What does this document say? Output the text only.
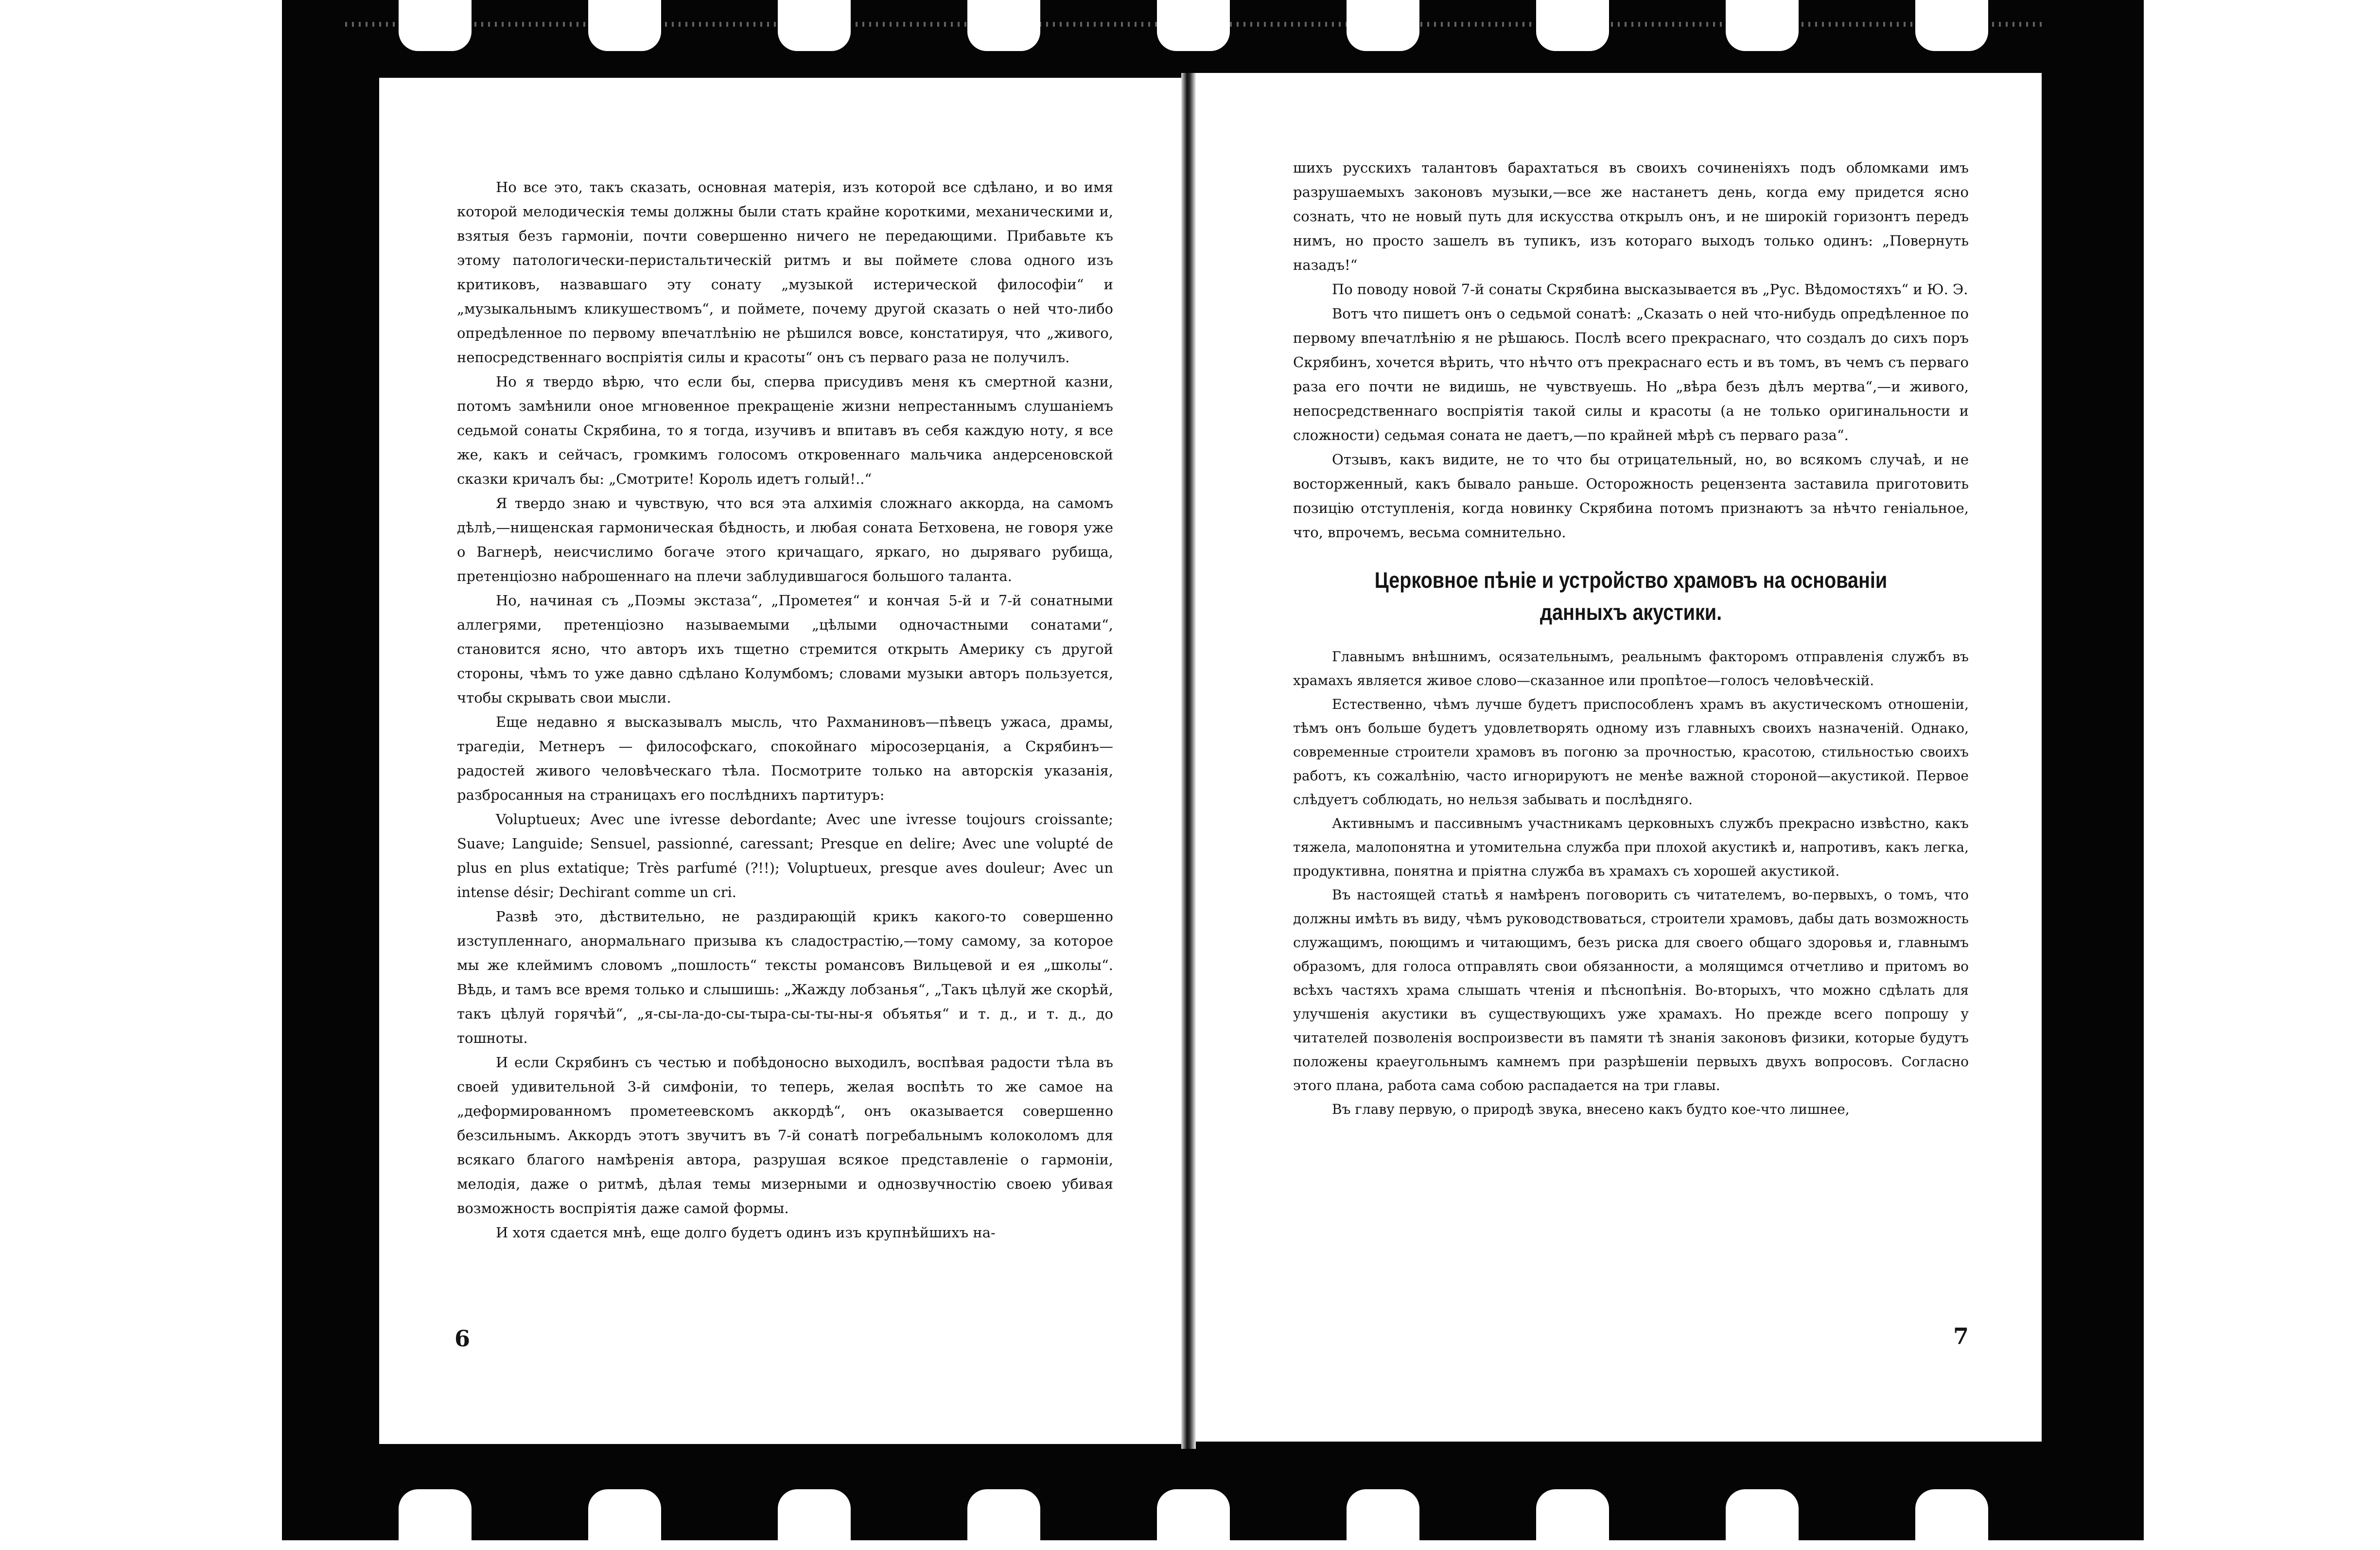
Но все это, такъ сказать, основная матерія, изъ которой все сдѣлано, и во имя которой мелодическія темы должны были стать крайне короткими, механическими и, взятыя безъ гармоніи, почти совершенно ничего не передающими. Прибавьте къ этому патологически-перистальтическій ритмъ и вы поймете слова одного изъ критиковъ, назвавшаго эту сонату „музыкой истерической философіи“ и „музыкальнымъ кликушествомъ“, и поймете, почему другой сказать о ней что-либо опредѣленное по первому впечатлѣнію не рѣшился вовсе, констатируя, что „живого, непосредственнаго воспріятія силы и красоты“ онъ съ перваго раза не получилъ.

Но я твердо вѣрю, что если бы, сперва присудивъ меня къ смертной казни, потомъ замѣнили оное мгновенное прекращеніе жизни непрестаннымъ слушаніемъ седьмой сонаты Скрябина, то я тогда, изучивъ и впитавъ въ себя каждую ноту, я все же, какъ и сейчасъ, громкимъ голосомъ откровеннаго мальчика андерсеновской сказки кричалъ бы: „Смотрите! Король идетъ голый!..“

Я твердо знаю и чувствую, что вся эта алхимія сложнаго аккорда, на самомъ дѣлѣ,—нищенская гармоническая бѣдность, и любая соната Бетховена, не говоря уже о Вагнерѣ, неисчислимо богаче этого кричащаго, яркаго, но дыряваго рубища, претенціозно наброшеннаго на плечи заблудившагося большого таланта.

Но, начиная съ „Поэмы экстаза“, „Прометея“ и кончая 5-й и 7-й сонатными аллегрями, претенціозно называемыми „цѣлыми одночастными сонатами“, становится ясно, что авторъ ихъ тщетно стремится открыть Америку съ другой стороны, чѣмъ то уже давно сдѣлано Колумбомъ; словами музыки авторъ пользуется, чтобы скрывать свои мысли.

Еще недавно я высказывалъ мысль, что Рахманиновъ—пѣвецъ ужаса, драмы, трагедіи, Метнеръ — философскаго, спокойнаго міросозерцанія, а Скрябинъ—радостей живого человѣческаго тѣла. Посмотрите только на авторскія указанія, разбросанныя на страницахъ его послѣднихъ партитуръ:

Voluptueux; Avec une ivresse debordante; Avec une ivresse toujours croissante; Suave; Languide; Sensuel, passionné, caressant; Presque en delire; Avec une volupté de plus en plus extatique; Très parfumé (?!!); Voluptueux, presque aves douleur; Avec un intense désir; Dechirant comme un cri.

Развѣ это, дѣствительно, не раздирающій крикъ какого-то совершенно изступленнаго, анормальнаго призыва къ сладострастію,—тому самому, за которое мы же клеймимъ словомъ „пошлость“ тексты романсовъ Вильцевой и ея „школы“. Вѣдь, и тамъ все время только и слышишь: „Жажду лобзанья“, „Такъ цѣлуй же скорѣй, такъ цѣлуй горячѣй“, „я-сы-ла-до-сы-тыра-сы-ты-ны-я объятья“ и т. д., и т. д., до тошноты.

И если Скрябинъ съ честью и побѣдоносно выходилъ, воспѣвая радости тѣла въ своей удивительной 3-й симфоніи, то теперь, желая воспѣть то же самое на „деформированномъ прометеевскомъ аккордѣ“, онъ оказывается совершенно безсильнымъ. Аккордъ этотъ звучитъ въ 7-й сонатѣ погребальнымъ колоколомъ для всякаго благого намѣренія автора, разрушая всякое представленіе о гармоніи, мелодія, даже о ритмѣ, дѣлая темы мизерными и однозвучностію своею убивая возможность воспріятія даже самой формы.

И хотя сдается мнѣ, еще долго будетъ одинъ изъ крупнѣйшихъ на-

6

шихъ русскихъ талантовъ барахтаться въ своихъ сочиненіяхъ подъ обломками имъ разрушаемыхъ законовъ музыки,—все же настанетъ день, когда ему придется ясно сознать, что не новый путь для искусства открылъ онъ, и не широкій горизонтъ передъ нимъ, но просто зашелъ въ тупикъ, изъ котораго выходъ только одинъ: „Повернуть назадъ!“

По поводу новой 7-й сонаты Скрябина высказывается въ „Рус. Вѣдомостяхъ“ и Ю. Э.

Вотъ что пишетъ онъ о седьмой сонатѣ: „Сказать о ней что-нибудь опредѣленное по первому впечатлѣнію я не рѣшаюсь. Послѣ всего прекраснаго, что создалъ до сихъ поръ Скрябинъ, хочется вѣрить, что нѣчто отъ прекраснаго есть и въ томъ, въ чемъ съ перваго раза его почти не видишь, не чувствуешь. Но „вѣра безъ дѣлъ мертва“,—и живого, непосредственнаго воспріятія такой силы и красоты (а не только оригинальности и сложности) седьмая соната не даетъ,—по крайней мѣрѣ съ перваго раза“.

Отзывъ, какъ видите, не то что бы отрицательный, но, во всякомъ случаѣ, и не восторженный, какъ бывало раньше. Осторожность рецензента заставила приготовить позицію отступленія, когда новинку Скрябина потомъ признаютъ за нѣчто геніальное, что, впрочемъ, весьма сомнительно.

Церковное пѣніе и устройство храмовъ на основаніи
данныхъ акустики.

Главнымъ внѣшнимъ, осязательнымъ, реальнымъ факторомъ отправленія службъ въ храмахъ является живое слово—сказанное или пропѣтое—голосъ человѣческій.

Естественно, чѣмъ лучше будетъ приспособленъ храмъ въ акустическомъ отношеніи, тѣмъ онъ больше будетъ удовлетворять одному изъ главныхъ своихъ назначеній. Однако, современные строители храмовъ въ погоню за прочностью, красотою, стильностью своихъ работъ, къ сожалѣнію, часто игнорируютъ не менѣе важной стороной—акустикой. Первое слѣдуетъ соблюдать, но нельзя забывать и послѣдняго.

Активнымъ и пассивнымъ участникамъ церковныхъ службъ прекрасно извѣстно, какъ тяжела, малопонятна и утомительна служба при плохой акустикѣ и, напротивъ, какъ легка, продуктивна, понятна и пріятна служба въ храмахъ съ хорошей акустикой.

Въ настоящей статьѣ я намѣренъ поговорить съ читателемъ, во-первыхъ, о томъ, что должны имѣть въ виду, чѣмъ руководствоваться, строители храмовъ, дабы дать возможность служащимъ, поющимъ и читающимъ, безъ риска для своего общаго здоровья и, главнымъ образомъ, для голоса отправлять свои обязанности, а молящимся отчетливо и притомъ во всѣхъ частяхъ храма слышать чтенія и пѣснопѣнія. Во-вторыхъ, что можно сдѣлать для улучшенія акустики въ существующихъ уже храмахъ. Но прежде всего попрошу у читателей позволенія воспроизвести въ памяти тѣ знанія законовъ физики, которые будутъ положены краеугольнымъ камнемъ при разрѣшеніи первыхъ двухъ вопросовъ. Согласно этого плана, работа сама собою распадается на три главы.

Въ главу первую, о природѣ звука, внесено какъ будто кое-что лишнее,

7
